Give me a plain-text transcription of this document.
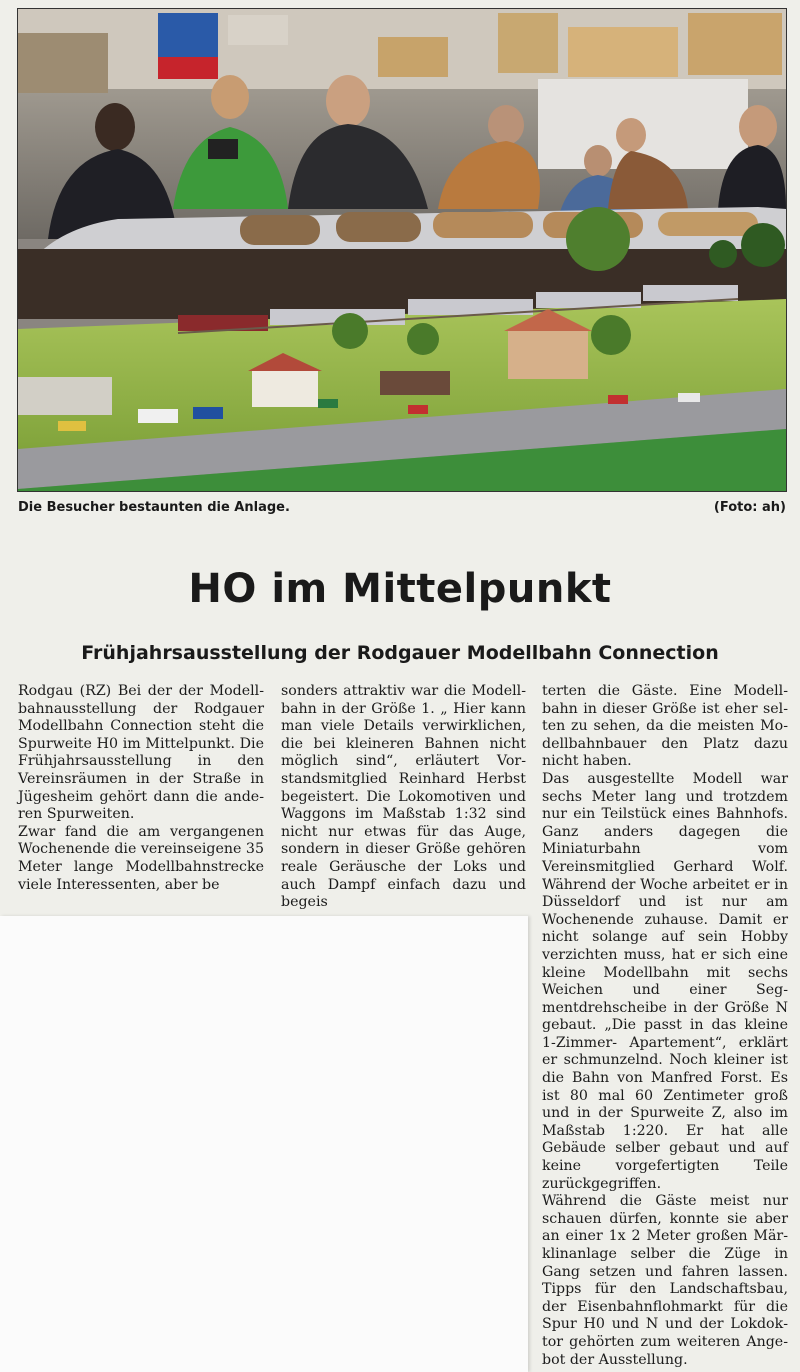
Die Besucher bestaunten die Anlage.	(Foto: ah)
HO im Mittelpunkt
Frühjahrsausstellung der Rodgauer Modellbahn Connection

Rodgau (RZ) Bei der der Modellbahnausstellung der Rodgauer Modellbahn Connection steht die Spurweite H0 im Mittelpunkt. Die Frühjahrsausstellung in den Vereinsräumen in der Straße in Jügesheim gehört dann die anderen Spurweiten.

Zwar fand die am vergangenen Wochenende die vereinseigene 35 Meter lange Modellbahnstrecke viele Interessenten, aber be

sonders attraktiv war die Modellbahn in der Größe 1. „ Hier kann man viele Details verwirklichen, die bei kleineren Bahnen nicht möglich sind“, erläutert Vorstandsmitglied Reinhard Herbst begeistert. Die Lokomotiven und Waggons im Maßstab 1:32 sind nicht nur etwas für das Auge, sondern in dieser Größe gehören reale Geräusche der Loks und auch Dampf einfach dazu und begeis

terten die Gäste. Eine Modellbahn in dieser Größe ist eher selten zu sehen, da die meisten Modellbahnbauer den Platz dazu nicht haben.

Das ausgestellte Modell war sechs Meter lang und trotzdem nur ein Teilstück eines Bahnhofs. Ganz anders dagegen die Miniaturbahn vom Vereinsmitglied Gerhard Wolf. Während der Woche arbeitet er in Düsseldorf und ist nur am Wochenende zuhause. Damit er nicht solange auf sein Hobby verzichten muss, hat er sich eine kleine Modellbahn mit sechs Weichen und einer Segmentdrehscheibe in der Größe N gebaut. „Die passt in das kleine 1-Zimmer- Apartement“, erklärt er schmunzelnd. Noch kleiner ist die Bahn von Manfred Forst. Es ist 80 mal 60 Zentimeter groß und in der Spurweite Z, also im Maßstab 1:220. Er hat alle Gebäude selber gebaut und auf keine vorgefertigten Teile zurückgegriffen.

Während die Gäste meist nur schauen dürfen, konnte sie aber an einer 1x 2 Meter großen Märklinanlage selber die Züge in Gang setzen und fahren lassen. Tipps für den Landschaftsbau, der Eisenbahnflohmarkt für die Spur H0 und N und der Lokdoktor gehörten zum weiteren Angebot der Ausstellung.
